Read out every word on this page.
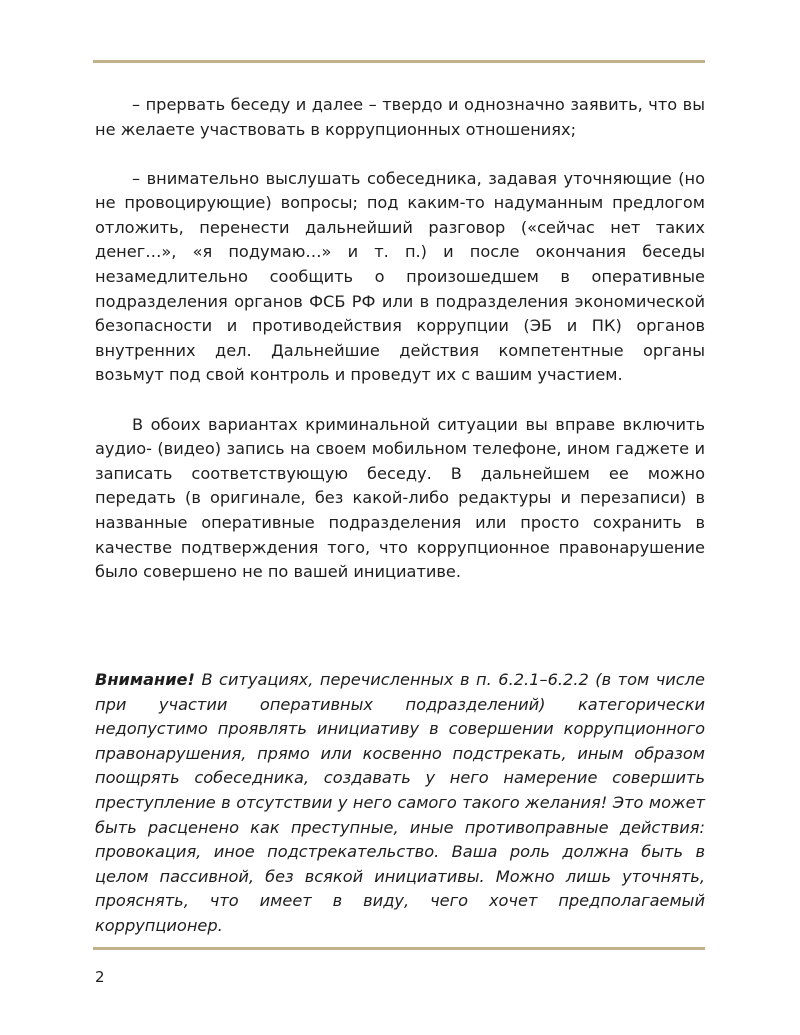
– прервать беседу и далее – твердо и однозначно заявить, что вы не желаете участвовать в коррупционных отношениях;

– внимательно выслушать собеседника, задавая уточняющие (но не провоцирующие) вопросы; под каким-то надуманным предлогом отложить, перенести дальнейший разговор («сейчас нет таких денег…», «я подумаю…» и т. п.) и после окончания беседы незамедлительно сообщить о произошедшем в оперативные подразделения органов ФСБ РФ или в подразделения экономической безопасности и противодействия коррупции (ЭБ и ПК) органов внутренних дел. Дальнейшие действия компетентные органы возьмут под свой контроль и проведут их с вашим участием.

В обоих вариантах криминальной ситуации вы вправе включить аудио- (видео) запись на своем мобильном телефоне, ином гаджете и записать соответствующую беседу. В дальнейшем ее можно передать (в оригинале, без какой-либо редактуры и перезаписи) в названные оперативные подразделения или просто сохранить в качестве подтверждения того, что коррупционное правонарушение было совершено не по вашей инициативе.

Внимание! В ситуациях, перечисленных в п. 6.2.1–6.2.2 (в том числе при участии оперативных подразделений) категорически недопустимо проявлять инициативу в совершении коррупционного правонарушения, прямо или косвенно подстрекать, иным образом поощрять собеседника, создавать у него намерение совершить преступление в отсутствии у него самого такого желания! Это может быть расценено как преступные, иные противоправные действия: провокация, иное подстрекательство. Ваша роль должна быть в целом пассивной, без всякой инициативы. Можно лишь уточнять, прояснять, что имеет в виду, чего хочет предполагаемый коррупционер.

2
